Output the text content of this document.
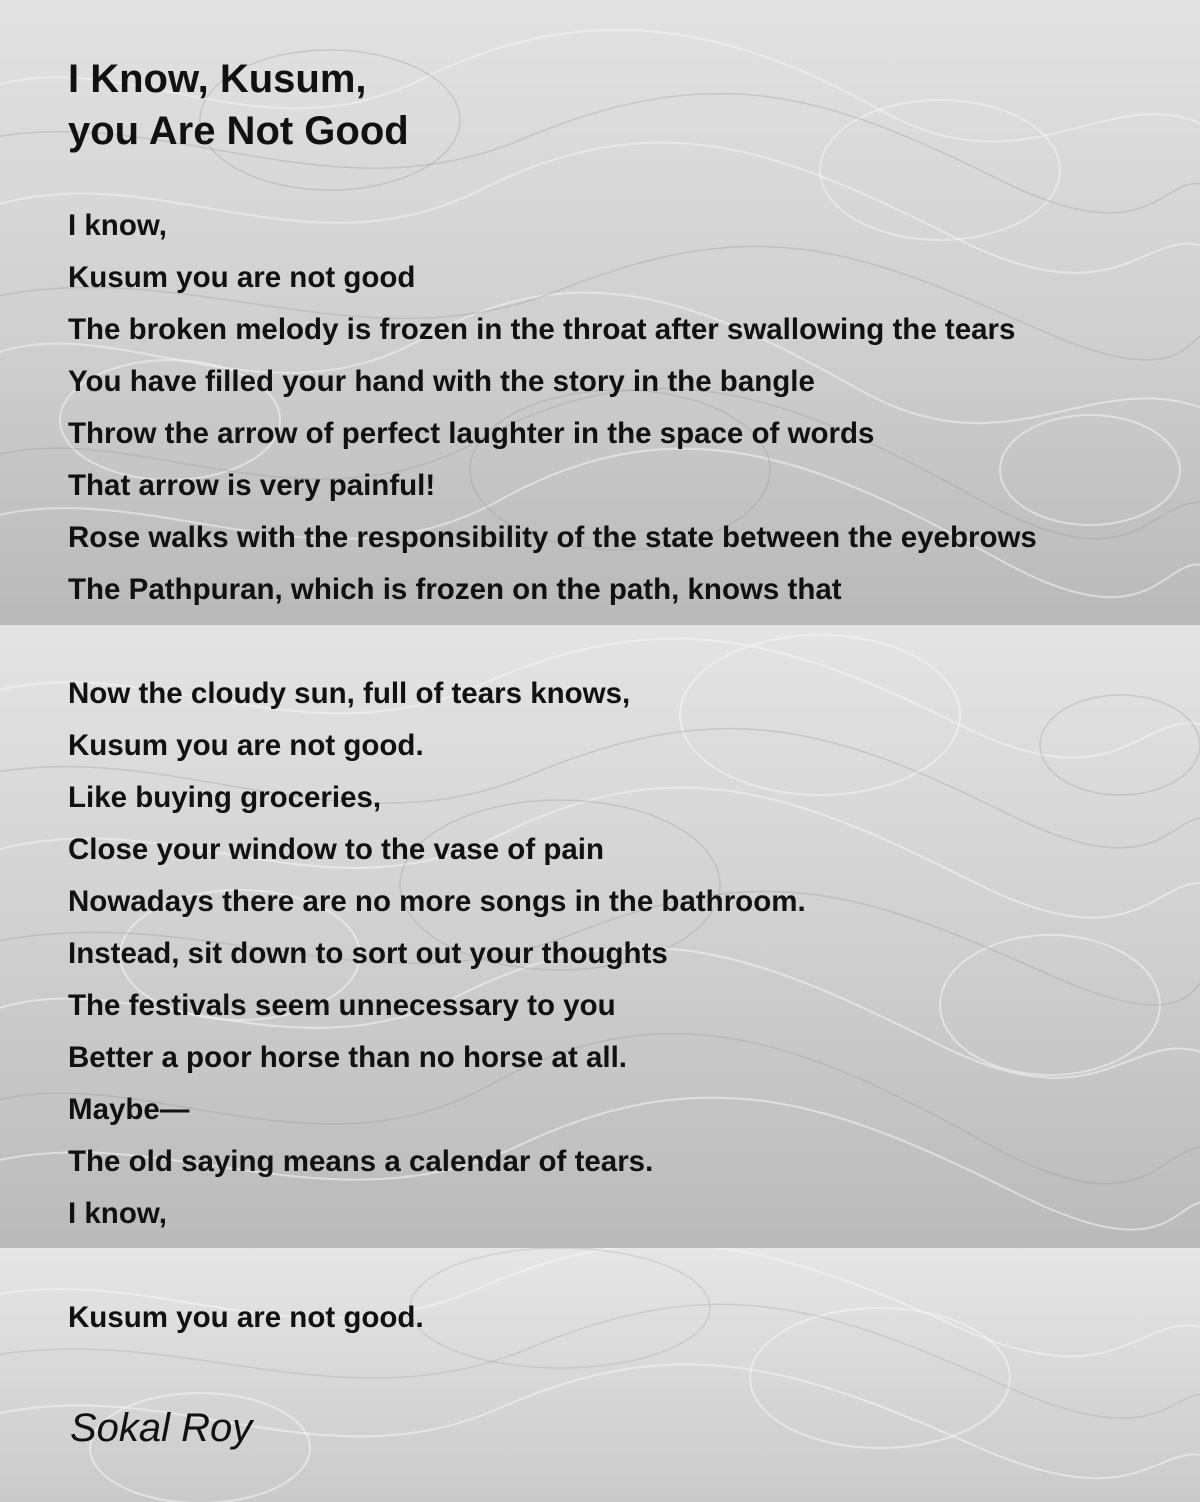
I Know, Kusum,
you Are Not Good

I know,

Kusum you are not good

The broken melody is frozen in the throat after swallowing the tears

You have filled your hand with the story in the bangle

Throw the arrow of perfect laughter in the space of words

That arrow is very painful!

Rose walks with the responsibility of the state between the eyebrows

The Pathpuran, which is frozen on the path, knows that

Now the cloudy sun, full of tears knows,

Kusum you are not good.

Like buying groceries,

Close your window to the vase of pain

Nowadays there are no more songs in the bathroom.

Instead, sit down to sort out your thoughts

The festivals seem unnecessary to you

Better a poor horse than no horse at all.

Maybe—

The old saying means a calendar of tears.

I know,

Kusum you are not good.

Sokal Roy
